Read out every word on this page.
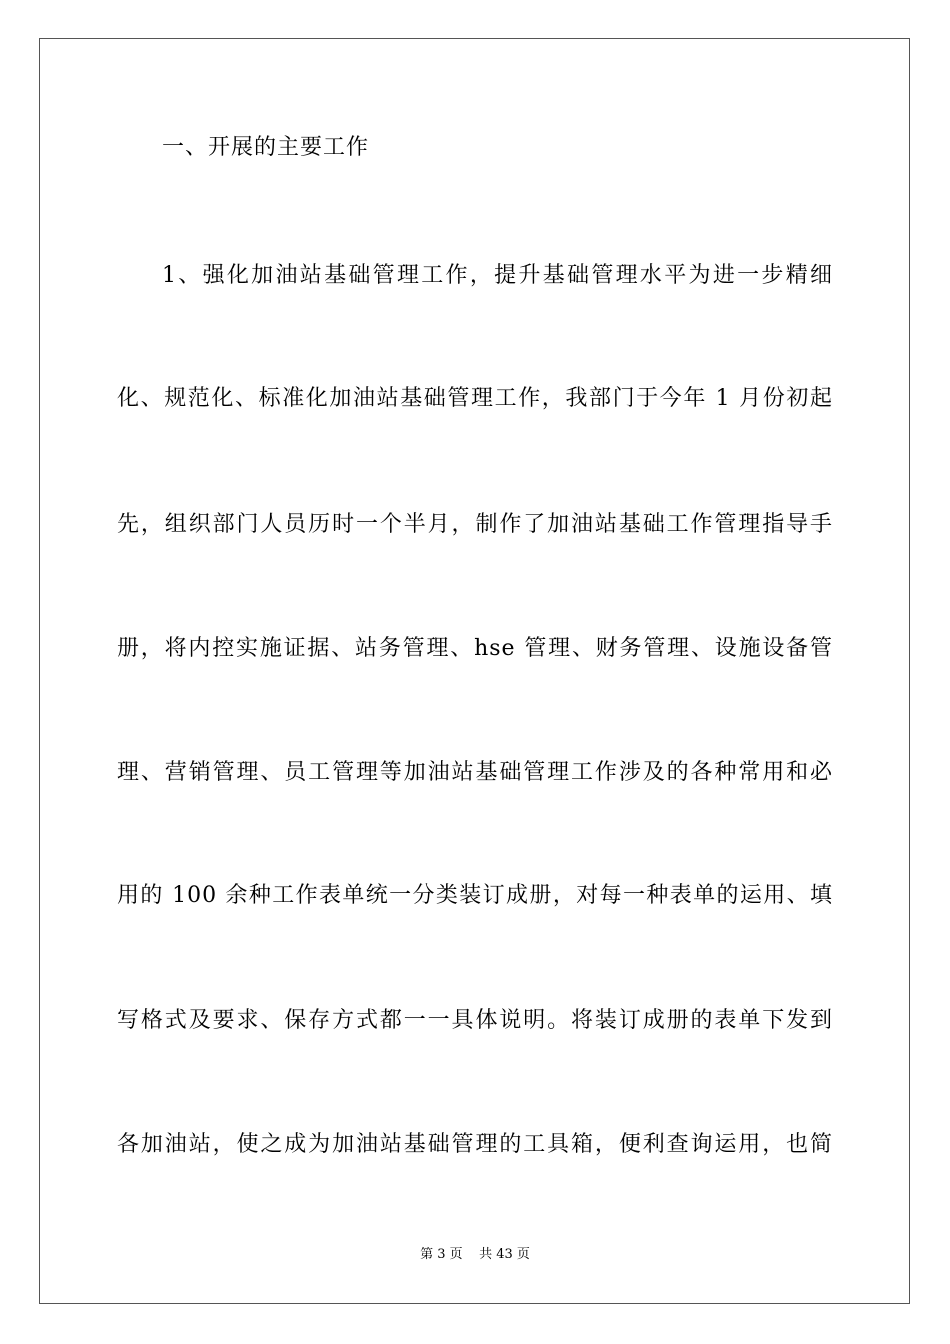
一、开展的主要工作
1、强化加油站基础管理工作，提升基础管理水平为进一步精细
化、规范化、标准化加油站基础管理工作，我部门于今年 1 月份初起
先，组织部门人员历时一个半月，制作了加油站基础工作管理指导手
册，将内控实施证据、站务管理、hse 管理、财务管理、设施设备管
理、营销管理、员工管理等加油站基础管理工作涉及的各种常用和必
用的 100 余种工作表单统一分类装订成册，对每一种表单的运用、填
写格式及要求、保存方式都一一具体说明。将装订成册的表单下发到
各加油站，使之成为加油站基础管理的工具箱，便利查询运用，也简
第 3 页    共 43 页
